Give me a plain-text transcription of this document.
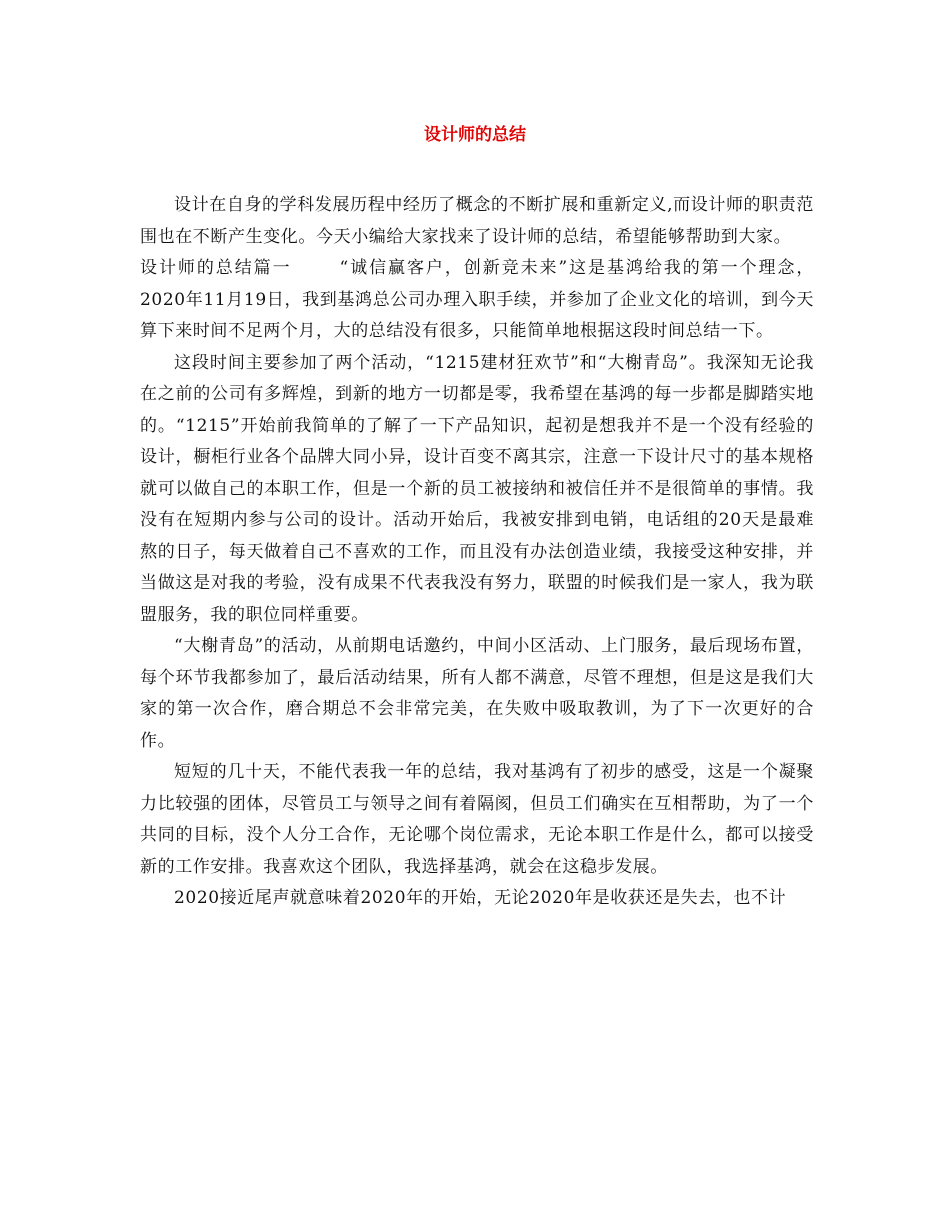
设计师的总结

设计在自身的学科发展历程中经历了概念的不断扩展和重新定义,而设计师的职责范围也在不断产生变化。今天小编给大家找来了设计师的总结，希望能够帮助到大家。

设计师的总结篇一	“诚信赢客户，创新竞未来”这是基鸿给我的第一个理念，2020年11月19日，我到基鸿总公司办理入职手续，并参加了企业文化的培训，到今天算下来时间不足两个月，大的总结没有很多，只能简单地根据这段时间总结一下。

这段时间主要参加了两个活动，“1215建材狂欢节”和“大榭青岛”。我深知无论我在之前的公司有多辉煌，到新的地方一切都是零，我希望在基鸿的每一步都是脚踏实地的。“1215”开始前我简单的了解了一下产品知识，起初是想我并不是一个没有经验的设计，橱柜行业各个品牌大同小异，设计百变不离其宗，注意一下设计尺寸的基本规格就可以做自己的本职工作，但是一个新的员工被接纳和被信任并不是很简单的事情。我没有在短期内参与公司的设计。活动开始后，我被安排到电销，电话组的20天是最难熬的日子，每天做着自己不喜欢的工作，而且没有办法创造业绩，我接受这种安排，并当做这是对我的考验，没有成果不代表我没有努力，联盟的时候我们是一家人，我为联盟服务，我的职位同样重要。

“大榭青岛”的活动，从前期电话邀约，中间小区活动、上门服务，最后现场布置，每个环节我都参加了，最后活动结果，所有人都不满意，尽管不理想，但是这是我们大家的第一次合作，磨合期总不会非常完美，在失败中吸取教训，为了下一次更好的合作。

短短的几十天，不能代表我一年的总结，我对基鸿有了初步的感受，这是一个凝聚力比较强的团体，尽管员工与领导之间有着隔阂，但员工们确实在互相帮助，为了一个共同的目标，没个人分工合作，无论哪个岗位需求，无论本职工作是什么，都可以接受新的工作安排。我喜欢这个团队，我选择基鸿，就会在这稳步发展。

2020接近尾声就意味着2020年的开始，无论2020年是收获还是失去，也不计
